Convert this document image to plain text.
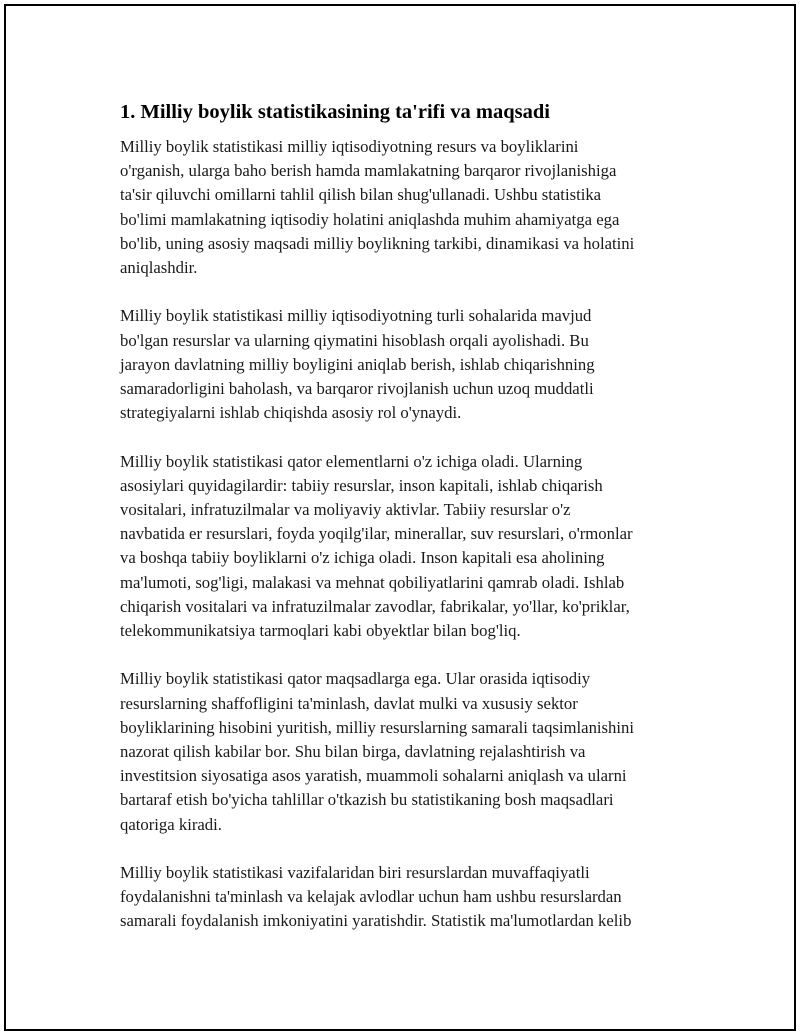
1. Milliy boylik statistikasining ta'rifi va maqsadi

Milliy boylik statistikasi milliy iqtisodiyotning resurs va boyliklarini
o'rganish, ularga baho berish hamda mamlakatning barqaror rivojlanishiga
ta'sir qiluvchi omillarni tahlil qilish bilan shug'ullanadi. Ushbu statistika
bo'limi mamlakatning iqtisodiy holatini aniqlashda muhim ahamiyatga ega
bo'lib, uning asosiy maqsadi milliy boylikning tarkibi, dinamikasi va holatini
aniqlashdir.

Milliy boylik statistikasi milliy iqtisodiyotning turli sohalarida mavjud
bo'lgan resurslar va ularning qiymatini hisoblash orqali ayolishadi. Bu
jarayon davlatning milliy boyligini aniqlab berish, ishlab chiqarishning
samaradorligini baholash, va barqaror rivojlanish uchun uzoq muddatli
strategiyalarni ishlab chiqishda asosiy rol o'ynaydi.

Milliy boylik statistikasi qator elementlarni o'z ichiga oladi. Ularning
asosiylari quyidagilardir: tabiiy resurslar, inson kapitali, ishlab chiqarish
vositalari, infratuzilmalar va moliyaviy aktivlar. Tabiiy resurslar o'z
navbatida er resurslari, foyda yoqilg'ilar, minerallar, suv resurslari, o'rmonlar
va boshqa tabiiy boyliklarni o'z ichiga oladi. Inson kapitali esa aholining
ma'lumoti, sog'ligi, malakasi va mehnat qobiliyatlarini qamrab oladi. Ishlab
chiqarish vositalari va infratuzilmalar zavodlar, fabrikalar, yo'llar, ko'priklar,
telekommunikatsiya tarmoqlari kabi obyektlar bilan bog'liq.

Milliy boylik statistikasi qator maqsadlarga ega. Ular orasida iqtisodiy
resurslarning shaffofligini ta'minlash, davlat mulki va xususiy sektor
boyliklarining hisobini yuritish, milliy resurslarning samarali taqsimlanishini
nazorat qilish kabilar bor. Shu bilan birga, davlatning rejalashtirish va
investitsion siyosatiga asos yaratish, muammoli sohalarni aniqlash va ularni
bartaraf etish bo'yicha tahlillar o'tkazish bu statistikaning bosh maqsadlari
qatoriga kiradi.

Milliy boylik statistikasi vazifalaridan biri resurslardan muvaffaqiyatli
foydalanishni ta'minlash va kelajak avlodlar uchun ham ushbu resurslardan
samarali foydalanish imkoniyatini yaratishdir. Statistik ma'lumotlardan kelib
